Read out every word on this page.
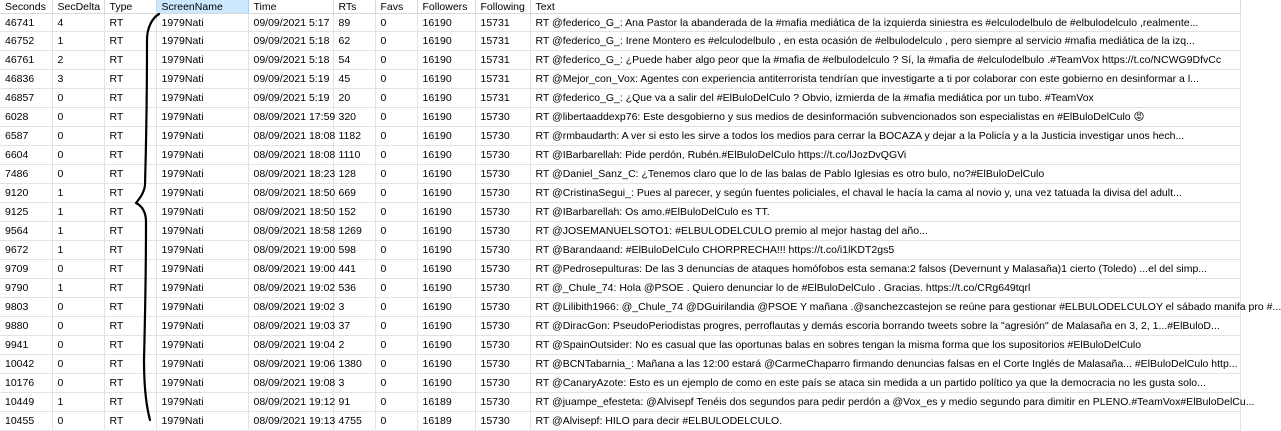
Seconds	SecDelta	Type	ScreenName	Time	RTs	Favs	Followers	Following	Text
46741	4	RT	1979Nati	09/09/2021 5:17	89	0	16190	15731	RT @federico_G_: Ana Pastor la abanderada de la #mafia mediática de la izquierda siniestra es #elculodelbulo de #elbulodelculo ,realmente...
46752	1	RT	1979Nati	09/09/2021 5:18	62	0	16190	15731	RT @federico_G_: Irene Montero es #elculodelbulo , en esta ocasión de #elbulodelculo , pero siempre al servicio #mafia mediática de la izq...
46761	2	RT	1979Nati	09/09/2021 5:18	54	0	16190	15731	RT @federico_G_: ¿Puede haber algo peor que la #mafia de #elbulodelculo ? Sí, la #mafia de #elculodelbulo .#TeamVox https://t.co/NCWG9DfvCc
46836	3	RT	1979Nati	09/09/2021 5:19	45	0	16190	15731	RT @Mejor_con_Vox: Agentes con experiencia antiterrorista tendrían que investigarte a ti por colaborar con este gobierno en desinformar a l...
46857	0	RT	1979Nati	09/09/2021 5:19	20	0	16190	15731	RT @federico_G_: ¿Que va a salir del #ElBuloDelCulo ? Obvio, izmierda de la #mafia mediática por un tubo. #TeamVox
6028	0	RT	1979Nati	08/09/2021 17:59	320	0	16190	15730	RT @libertaaddexp76: Este desgobierno y sus medios de desinformación subvencionados son especialistas en #ElBuloDelCulo 😡
6587	0	RT	1979Nati	08/09/2021 18:08	1182	0	16190	15730	RT @rmbaudarth: A ver si esto les sirve a todos los medios para cerrar la BOCAZA y dejar a la Policía y a la Justicia investigar unos hech...
6604	0	RT	1979Nati	08/09/2021 18:08	1110	0	16190	15730	RT @IBarbarellah: Pide perdón, Rubén.#ElBuloDelCulo https://t.co/lJozDvQGVi
7486	0	RT	1979Nati	08/09/2021 18:23	128	0	16190	15730	RT @Daniel_Sanz_C: ¿Tenemos claro que lo de las balas de Pablo Iglesias es otro bulo, no?#ElBuloDelCulo
9120	1	RT	1979Nati	08/09/2021 18:50	669	0	16190	15730	RT @CristinaSegui_: Pues al parecer, y según fuentes policiales, el chaval le hacía la cama al novio y, una vez tatuada la divisa del adult...
9125	1	RT	1979Nati	08/09/2021 18:50	152	0	16190	15730	RT @IBarbarellah: Os amo.#ElBuloDelCulo es TT.
9564	1	RT	1979Nati	08/09/2021 18:58	1269	0	16190	15730	RT @JOSEMANUELSOTO1: #ELBULODELCULO premio al mejor hastag del año...
9672	1	RT	1979Nati	08/09/2021 19:00	598	0	16190	15730	RT @Barandaand: #ElBuloDelCulo CHORPRECHA!!! https://t.co/i1lKDT2gs5
9709	0	RT	1979Nati	08/09/2021 19:00	441	0	16190	15730	RT @Pedrosepulturas: De las 3 denuncias de ataques homófobos esta semana:2 falsos (Devernunt y Malasaña)1 cierto (Toledo) ...el del simp...
9790	1	RT	1979Nati	08/09/2021 19:02	536	0	16190	15730	RT @_Chule_74: Hola @PSOE . Quiero denunciar lo de #ElBuloDelCulo . Gracias. https://t.co/CRg649tqrl
9803	0	RT	1979Nati	08/09/2021 19:02	3	0	16190	15730	RT @Lilibith1966: @_Chule_74 @DGuirilandia @PSOE Y mañana .@sanchezcastejon se reúne para gestionar #ELBULODELCULOY el sábado manifa pro #...
9880	0	RT	1979Nati	08/09/2021 19:03	37	0	16190	15730	RT @DiracGon: PseudoPeriodistas progres, perroflautas y demás escoria borrando tweets sobre la "agresión" de Malasaña en 3, 2, 1...#ElBuloD...
9941	0	RT	1979Nati	08/09/2021 19:04	2	0	16190	15730	RT @SpainOutsider: No es casual que las oportunas balas en sobres tengan la misma forma que los supositorios #ElBuloDelCulo
10042	0	RT	1979Nati	08/09/2021 19:06	1380	0	16190	15730	RT @BCNTabarnia_: Mañana a las 12:00 estará @CarmeChaparro firmando denuncias falsas en el Corte Inglés de Malasaña... #ElBuloDelCulo http...
10176	0	RT	1979Nati	08/09/2021 19:08	3	0	16190	15730	RT @CanaryAzote: Esto es un ejemplo de como en este país se ataca sin medida a un partido político ya que la democracia no les gusta solo...
10449	1	RT	1979Nati	08/09/2021 19:12	91	0	16189	15730	RT @juampe_efesteta: @Alvisepf Tenéis dos segundos para pedir perdón a @Vox_es y medio segundo para dimitir en PLENO.#TeamVox#ElBuloDelCu...
10455	0	RT	1979Nati	08/09/2021 19:13	4755	0	16189	15730	RT @Alvisepf: HILO para decir #ELBULODELCULO.
